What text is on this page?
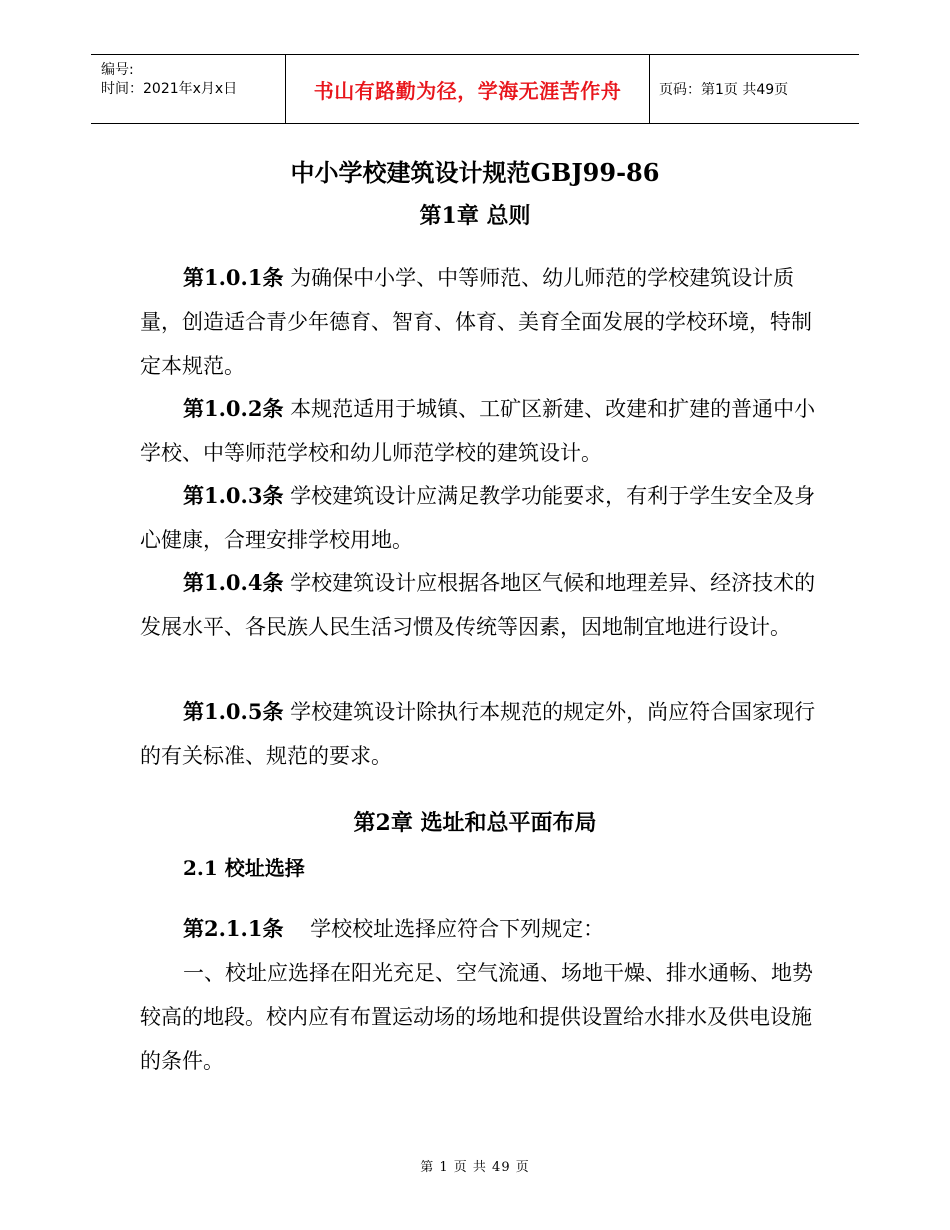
编号:
时间：2021年x月x日	书山有路勤为径，学海无涯苦作舟	页码：第1页 共49页
中小学校建筑设计规范GBJ99-86
第1章 总则
第1.0.1条 为确保中小学、中等师范、幼儿师范的学校建筑设计质量，创造适合青少年德育、智育、体育、美育全面发展的学校环境，特制定本规范。
第1.0.2条 本规范适用于城镇、工矿区新建、改建和扩建的普通中小学校、中等师范学校和幼儿师范学校的建筑设计。
第1.0.3条 学校建筑设计应满足教学功能要求，有利于学生安全及身心健康，合理安排学校用地。
第1.0.4条 学校建筑设计应根据各地区气候和地理差异、经济技术的发展水平、各民族人民生活习惯及传统等因素，因地制宜地进行设计。
第1.0.5条 学校建筑设计除执行本规范的规定外，尚应符合国家现行的有关标准、规范的要求。
第2章 选址和总平面布局
2.1 校址选择
第2.1.1条    学校校址选择应符合下列规定：
一、校址应选择在阳光充足、空气流通、场地干燥、排水通畅、地势较高的地段。校内应有布置运动场的场地和提供设置给水排水及供电设施的条件。
第 1 页 共 49 页
